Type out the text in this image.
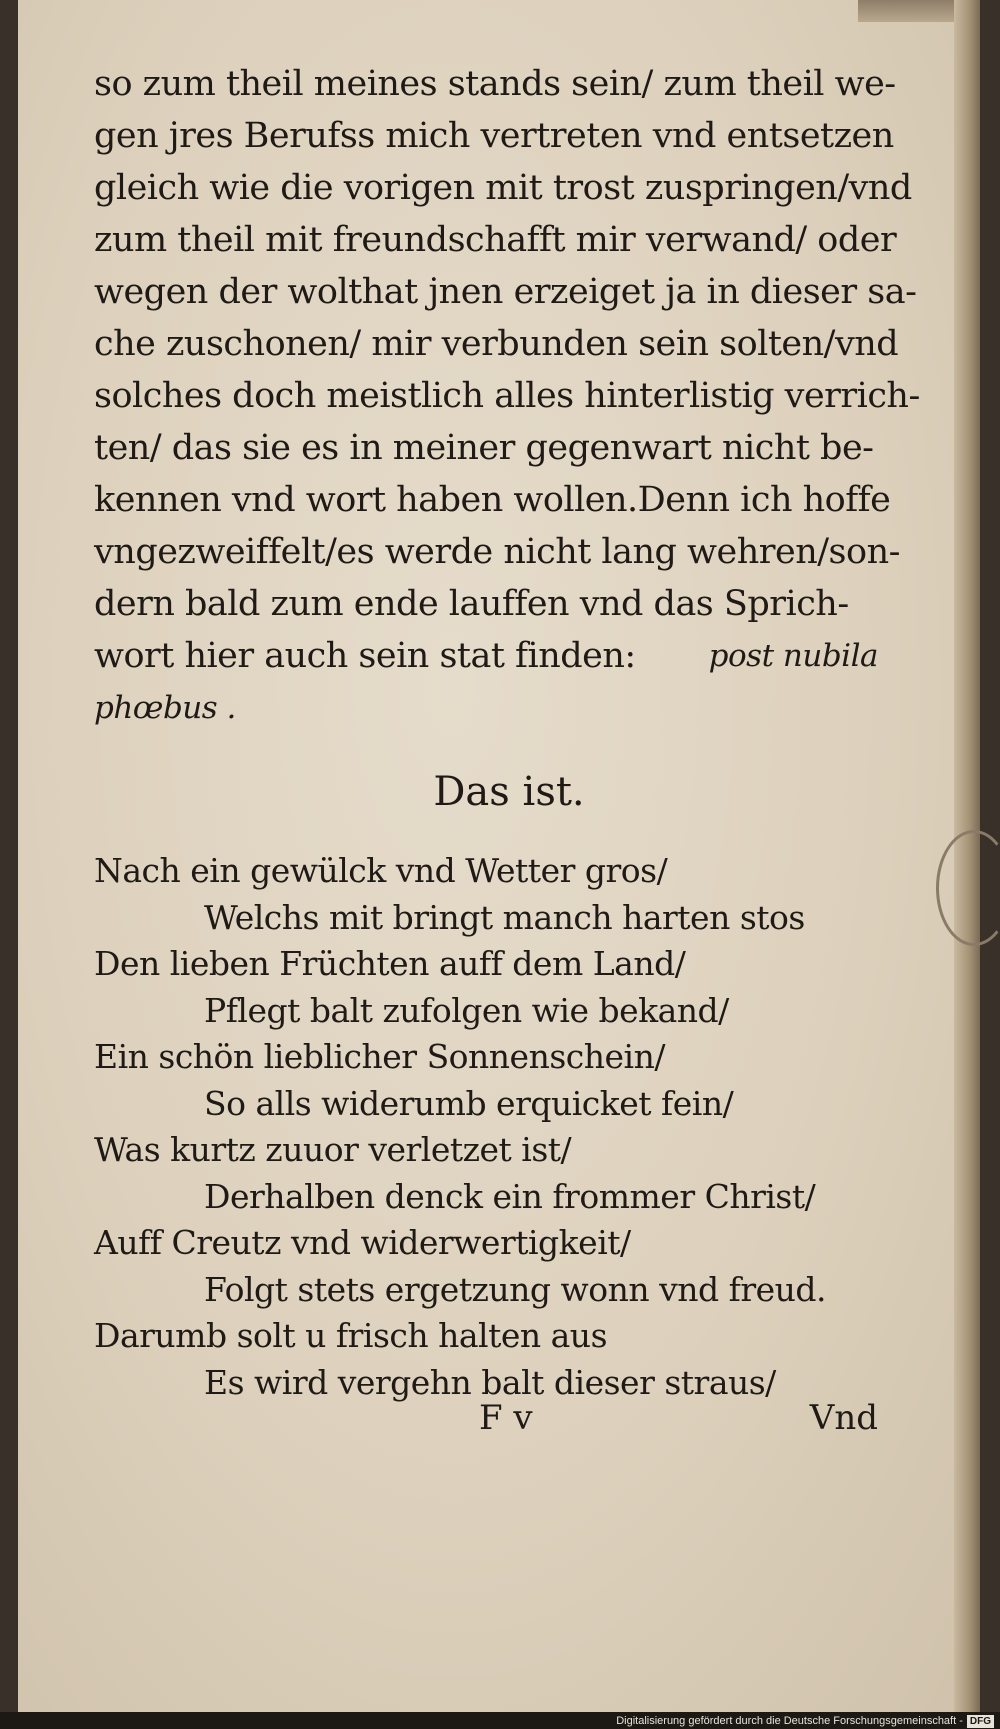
so zum theil meines stands sein/ zum theil we-
gen jres Berufss mich vertreten vnd entsetzen
gleich wie die vorigen mit trost zuspringen/vnd
zum theil mit freundschafft mir verwand/ oder
wegen der wolthat jnen erzeiget ja in dieser sa-
che zuschonen/ mir verbunden sein solten/vnd
solches doch meistlich alles hinterlistig verrich-
ten/ das sie es in meiner gegenwart nicht be-
kennen vnd wort haben wollen.Denn ich hoffe
vngezweiffelt/es werde nicht lang wehren/son-
dern bald zum ende lauffen vnd das Sprich-
wort hier auch sein stat finden: post nubila
phœbus .
Das ist.
Nach ein gewülck vnd Wetter gros/
Welchs mit bringt manch harten stos
Den lieben Früchten auff dem Land/
Pflegt balt zufolgen wie bekand/
Ein schön lieblicher Sonnenschein/
So alls widerumb erquicket fein/
Was kurtz zuuor verletzet ist/
Derhalben denck ein frommer Christ/
Auff Creutz vnd widerwertigkeit/
Folgt stets ergetzung wonn vnd freud.
Darumb solt u frisch halten aus
Es wird vergehn balt dieser straus/
F v	Vnd
Digitalisierung gefördert durch die Deutsche Forschungsgemeinschaft - DFG
